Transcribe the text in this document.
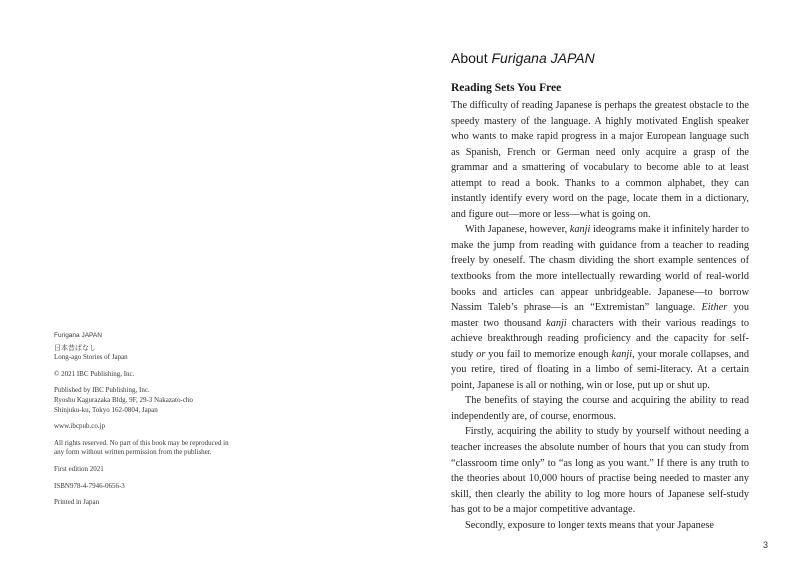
Furigana JAPAN
日本昔ばなし
Long-ago Stories of Japan
© 2021 IBC Publishing, Inc.
Published by IBC Publishing, Inc.
Ryoshu Kagurazaka Bldg. 9F, 29-3 Nakazato-cho
Shinjuku-ku, Tokyo 162-0804, Japan
www.ibcpub.co.jp
All rights reserved. No part of this book may be reproduced in
any form without written permission from the publisher.
First edition 2021
ISBN978-4-7946-0656-3
Printed in Japan
About Furigana JAPAN
Reading Sets You Free

The difficulty of reading Japanese is perhaps the greatest obstacle to the speedy mastery of the language. A highly motivated English speaker who wants to make rapid progress in a major European language such as Spanish, French or German need only acquire a grasp of the grammar and a smattering of vocabulary to become able to at least attempt to read a book. Thanks to a common alphabet, they can instantly identify every word on the page, locate them in a dictionary, and figure out—more or less—what is going on.

With Japanese, however, kanji ideograms make it infinitely harder to make the jump from reading with guidance from a teacher to reading freely by oneself. The chasm dividing the short example sentences of textbooks from the more intellectually rewarding world of real-world books and articles can appear unbridgeable. Japanese—to borrow Nassim Taleb’s phrase—is an “Extremistan” language. Either you master two thousand kanji characters with their various readings to achieve breakthrough reading proficiency and the capacity for self-study or you fail to memorize enough kanji, your morale collapses, and you retire, tired of floating in a limbo of semi-literacy. At a certain point, Japanese is all or nothing, win or lose, put up or shut up.

The benefits of staying the course and acquiring the ability to read independently are, of course, enormous.

Firstly, acquiring the ability to study by yourself without needing a teacher increases the absolute number of hours that you can study from “classroom time only” to “as long as you want.” If there is any truth to the theories about 10,000 hours of practise being needed to master any skill, then clearly the ability to log more hours of Japanese self-study has got to be a major competitive advantage.

Secondly, exposure to longer texts means that your Japanese

3
